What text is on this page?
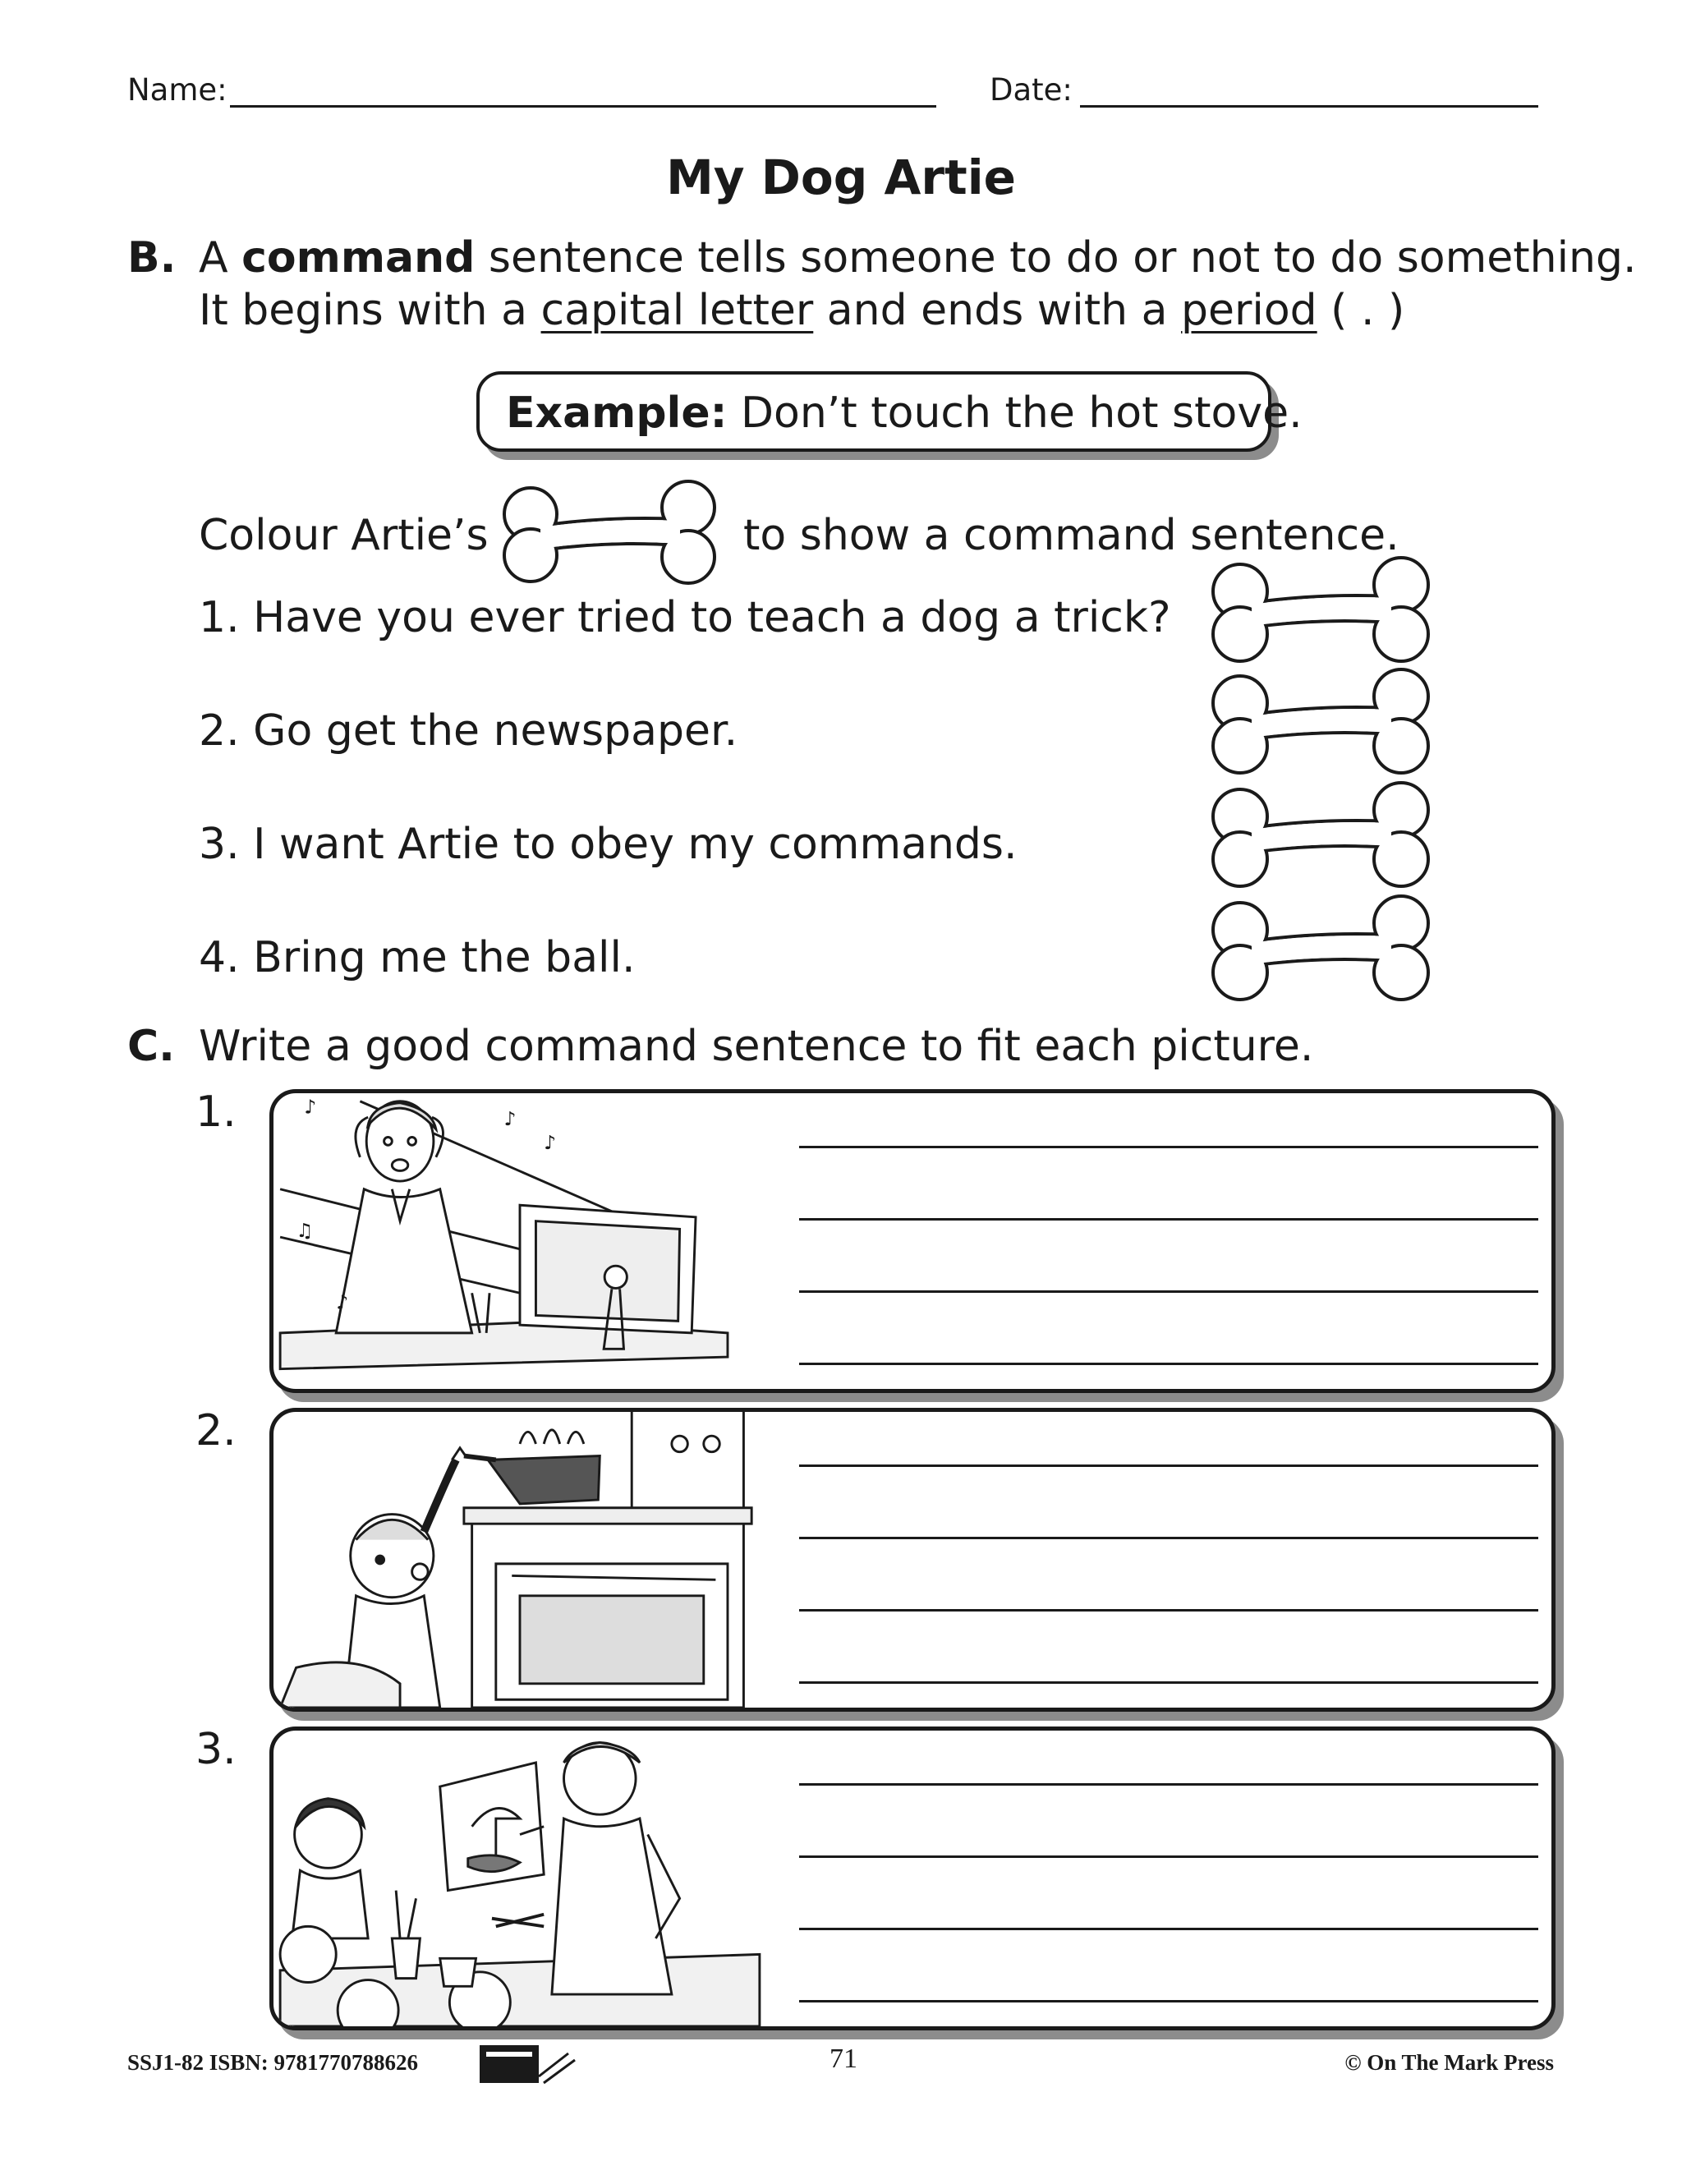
Name:	Date:
My Dog Artie
B. A command sentence tells someone to do or not to do something.
It begins with a capital letter and ends with a period ( . )
Example: Don’t touch the hot stove.
Colour Artie’s	to show a command sentence.
1. Have you ever tried to teach a dog a trick?
2. Go get the newspaper.
3. I want Artie to obey my commands.
4. Bring me the ball.
C. Write a good command sentence to fit each picture.
1.
2.
3.
♪
♪
♫
♪
♪
SSJ1-82 ISBN: 9781770788626	71	© On The Mark Press
